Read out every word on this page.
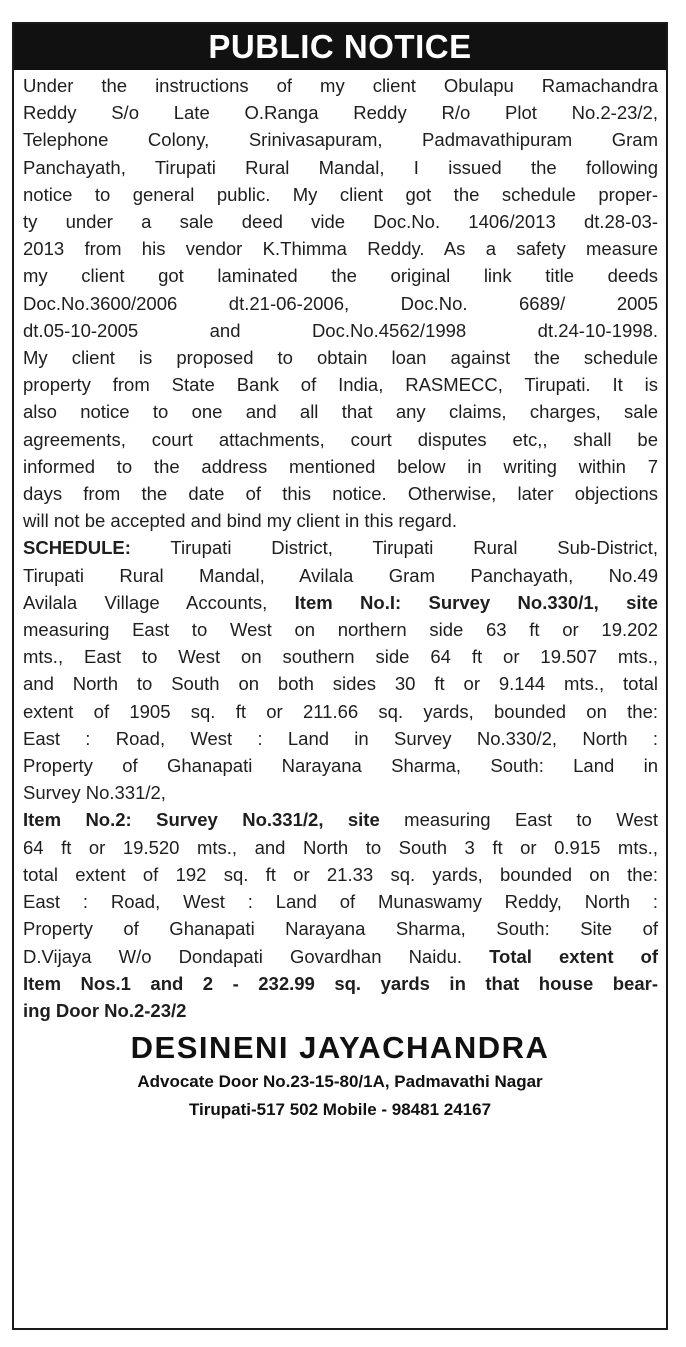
PUBLIC NOTICE
Under the instructions of my client Obulapu Ramachandra
Reddy S/o Late O.Ranga Reddy R/o Plot No.2-23/2,
Telephone Colony, Srinivasapuram, Padmavathipuram Gram
Panchayath, Tirupati Rural Mandal, I issued the following
notice to general public. My client got the schedule proper-
ty under a sale deed vide Doc.No. 1406/2013 dt.28-03-
2013 from his vendor K.Thimma Reddy. As a safety measure
my client got laminated the original link title deeds
Doc.No.3600/2006 dt.21-06-2006, Doc.No. 6689/ 2005
dt.05-10-2005 and Doc.No.4562/1998 dt.24-10-1998.
My client is proposed to obtain loan against the schedule
property from State Bank of India, RASMECC, Tirupati. It is
also notice to one and all that any claims, charges, sale
agreements, court attachments, court disputes etc,, shall be
informed to the address mentioned below in writing within 7
days from the date of this notice. Otherwise, later objections
will not be accepted and bind my client in this regard.
SCHEDULE: Tirupati District, Tirupati Rural Sub-District,
Tirupati Rural Mandal, Avilala Gram Panchayath, No.49
Avilala Village Accounts, Item No.I: Survey No.330/1, site
measuring East to West on northern side 63 ft or 19.202
mts., East to West on southern side 64 ft or 19.507 mts.,
and North to South on both sides 30 ft or 9.144 mts., total
extent of 1905 sq. ft or 211.66 sq. yards, bounded on the:
East : Road, West : Land in Survey No.330/2, North :
Property of Ghanapati Narayana Sharma, South: Land in
Survey No.331/2,
Item No.2: Survey No.331/2, site measuring East to West
64 ft or 19.520 mts., and North to South 3 ft or 0.915 mts.,
total extent of 192 sq. ft or 21.33 sq. yards, bounded on the:
East : Road, West : Land of Munaswamy Reddy, North :
Property of Ghanapati Narayana Sharma, South: Site of
D.Vijaya W/o Dondapati Govardhan Naidu. Total extent of
Item Nos.1 and 2 - 232.99 sq. yards in that house bear-
ing Door No.2-23/2
DESINENI JAYACHANDRA
Advocate Door No.23-15-80/1A, Padmavathi Nagar
Tirupati-517 502 Mobile - 98481 24167
